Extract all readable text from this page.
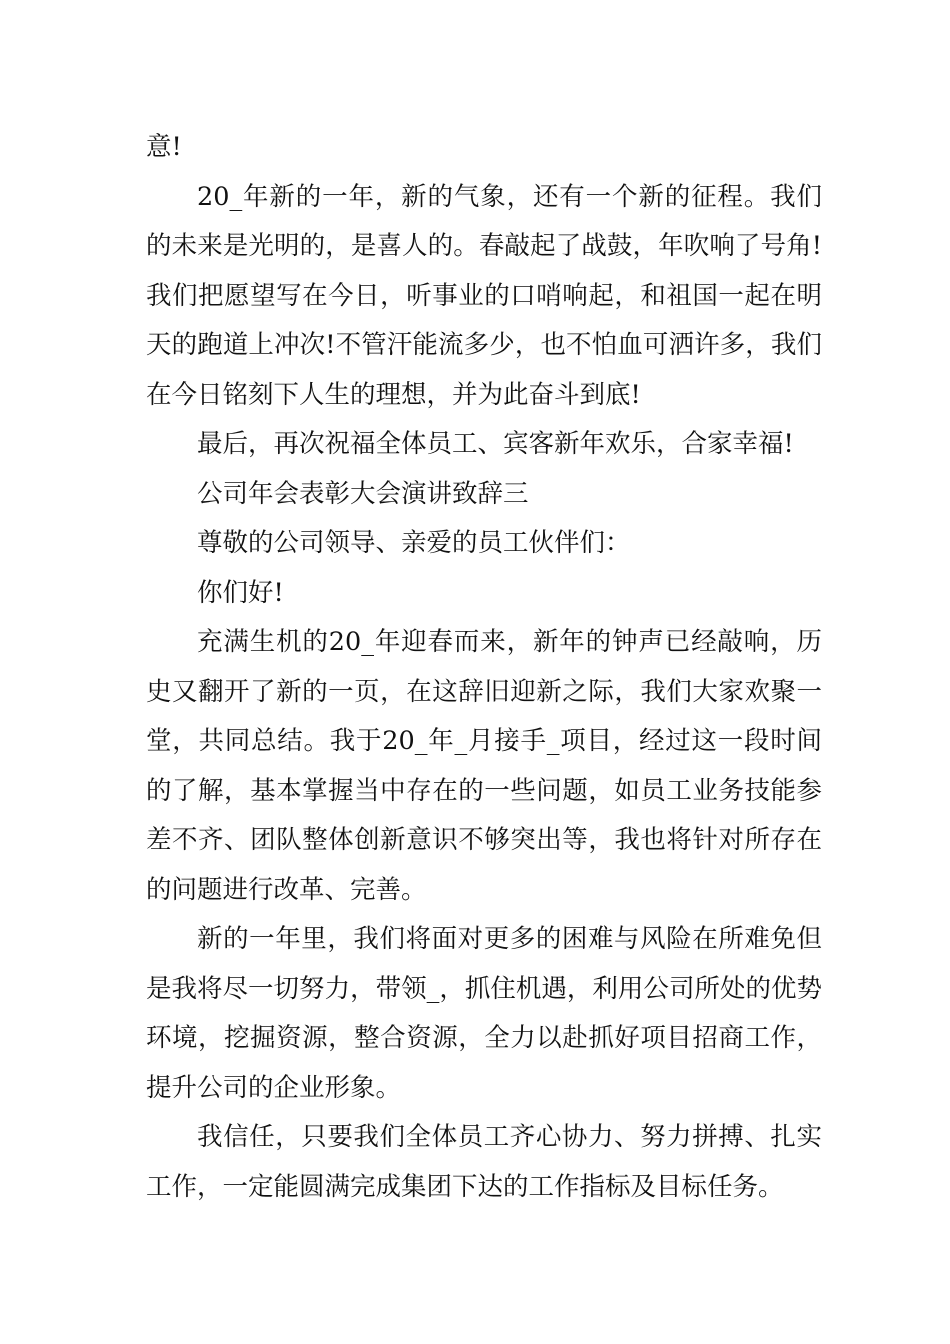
意!

20_年新的一年，新的气象，还有一个新的征程。我们的未来是光明的，是喜人的。春敲起了战鼓，年吹响了号角!我们把愿望写在今日，听事业的口哨响起，和祖国一起在明天的跑道上冲次!不管汗能流多少，也不怕血可洒许多，我们在今日铭刻下人生的理想，并为此奋斗到底!

最后，再次祝福全体员工、宾客新年欢乐，合家幸福!

公司年会表彰大会演讲致辞三

尊敬的公司领导、亲爱的员工伙伴们：

你们好!

充满生机的20_年迎春而来，新年的钟声已经敲响，历史又翻开了新的一页，在这辞旧迎新之际，我们大家欢聚一堂，共同总结。我于20_年_月接手_项目，经过这一段时间的了解，基本掌握当中存在的一些问题，如员工业务技能参差不齐、团队整体创新意识不够突出等，我也将针对所存在的问题进行改革、完善。

新的一年里，我们将面对更多的困难与风险在所难免但是我将尽一切努力，带领_，抓住机遇，利用公司所处的优势环境，挖掘资源，整合资源，全力以赴抓好项目招商工作，提升公司的企业形象。

我信任，只要我们全体员工齐心协力、努力拼搏、扎实工作，一定能圆满完成集团下达的工作指标及目标任务。
